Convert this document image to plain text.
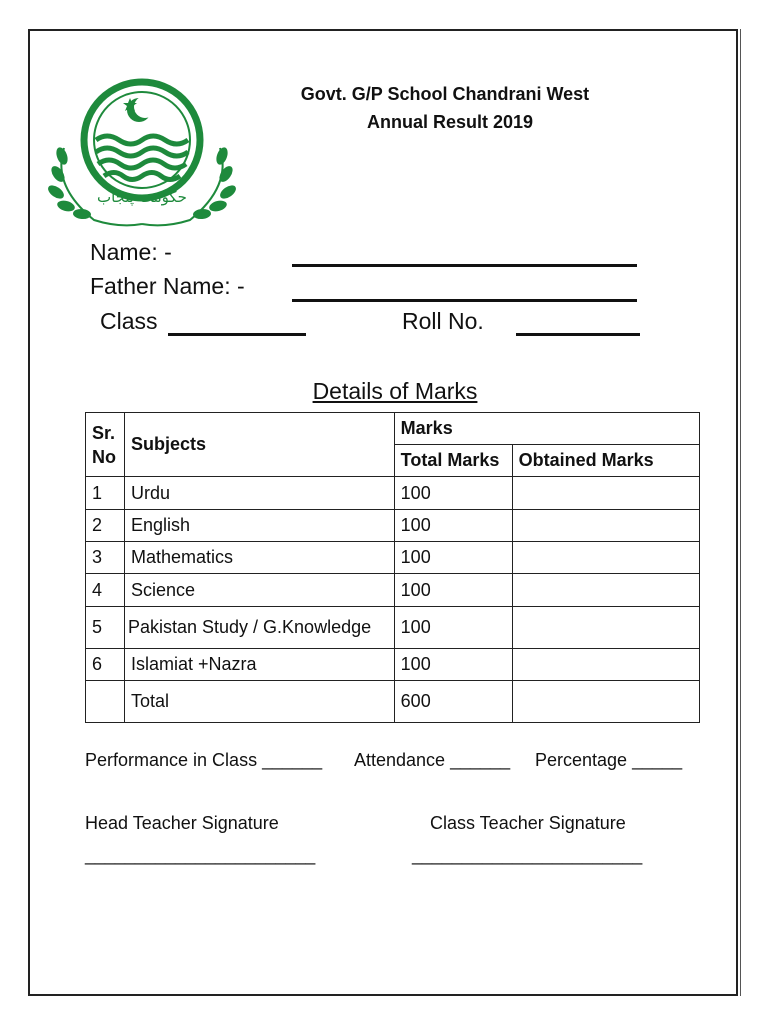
حکومت پنجاب
Govt. G/P School Chandrani West
Annual Result 2019
Name: -
Father Name: -
Class	Roll No.
Details of Marks
Sr. No	Subjects	Marks	
		Total Marks	Obtained Marks
1	Urdu	100	
2	English	100	
3	Mathematics	100	
4	Science	100	
5	Pakistan Study / G.Knowledge	100	
6	Islamiat +Nazra	100	
	Total	600	
Performance in Class ______ Attendance ______ Percentage _____
Head Teacher Signature	Class Teacher Signature
_______________________	_______________________
